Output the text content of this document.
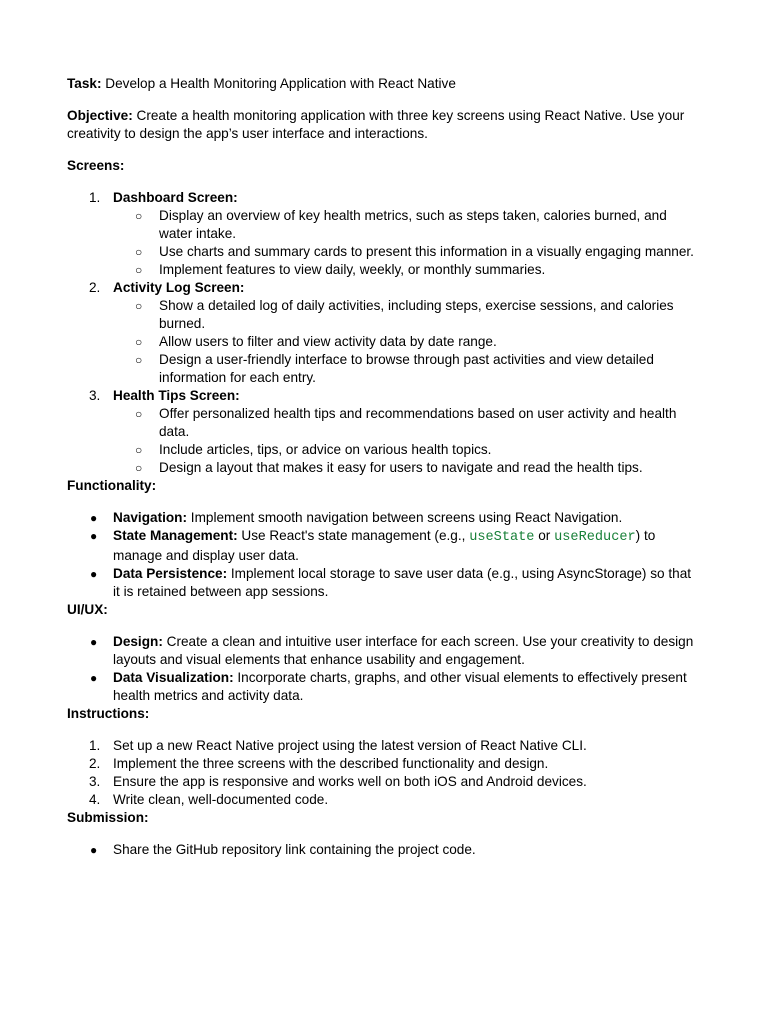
Task: Develop a Health Monitoring Application with React Native

Objective: Create a health monitoring application with three key screens using React Native. Use your creativity to design the app’s user interface and interactions.

Screens:

1. Dashboard Screen:
○ Display an overview of key health metrics, such as steps taken, calories burned, and water intake.
○ Use charts and summary cards to present this information in a visually engaging manner.
○ Implement features to view daily, weekly, or monthly summaries.
2. Activity Log Screen:
○ Show a detailed log of daily activities, including steps, exercise sessions, and calories burned.
○ Allow users to filter and view activity data by date range.
○ Design a user-friendly interface to browse through past activities and view detailed information for each entry.
3. Health Tips Screen:
○ Offer personalized health tips and recommendations based on user activity and health data.
○ Include articles, tips, or advice on various health topics.
○ Design a layout that makes it easy for users to navigate and read the health tips.

Functionality:

● Navigation: Implement smooth navigation between screens using React Navigation.
● State Management: Use React's state management (e.g., useState or useReducer) to manage and display user data.
● Data Persistence: Implement local storage to save user data (e.g., using AsyncStorage) so that it is retained between app sessions.

UI/UX:

● Design: Create a clean and intuitive user interface for each screen. Use your creativity to design layouts and visual elements that enhance usability and engagement.
● Data Visualization: Incorporate charts, graphs, and other visual elements to effectively present health metrics and activity data.

Instructions:

1. Set up a new React Native project using the latest version of React Native CLI.
2. Implement the three screens with the described functionality and design.
3. Ensure the app is responsive and works well on both iOS and Android devices.
4. Write clean, well-documented code.

Submission:

● Share the GitHub repository link containing the project code.
